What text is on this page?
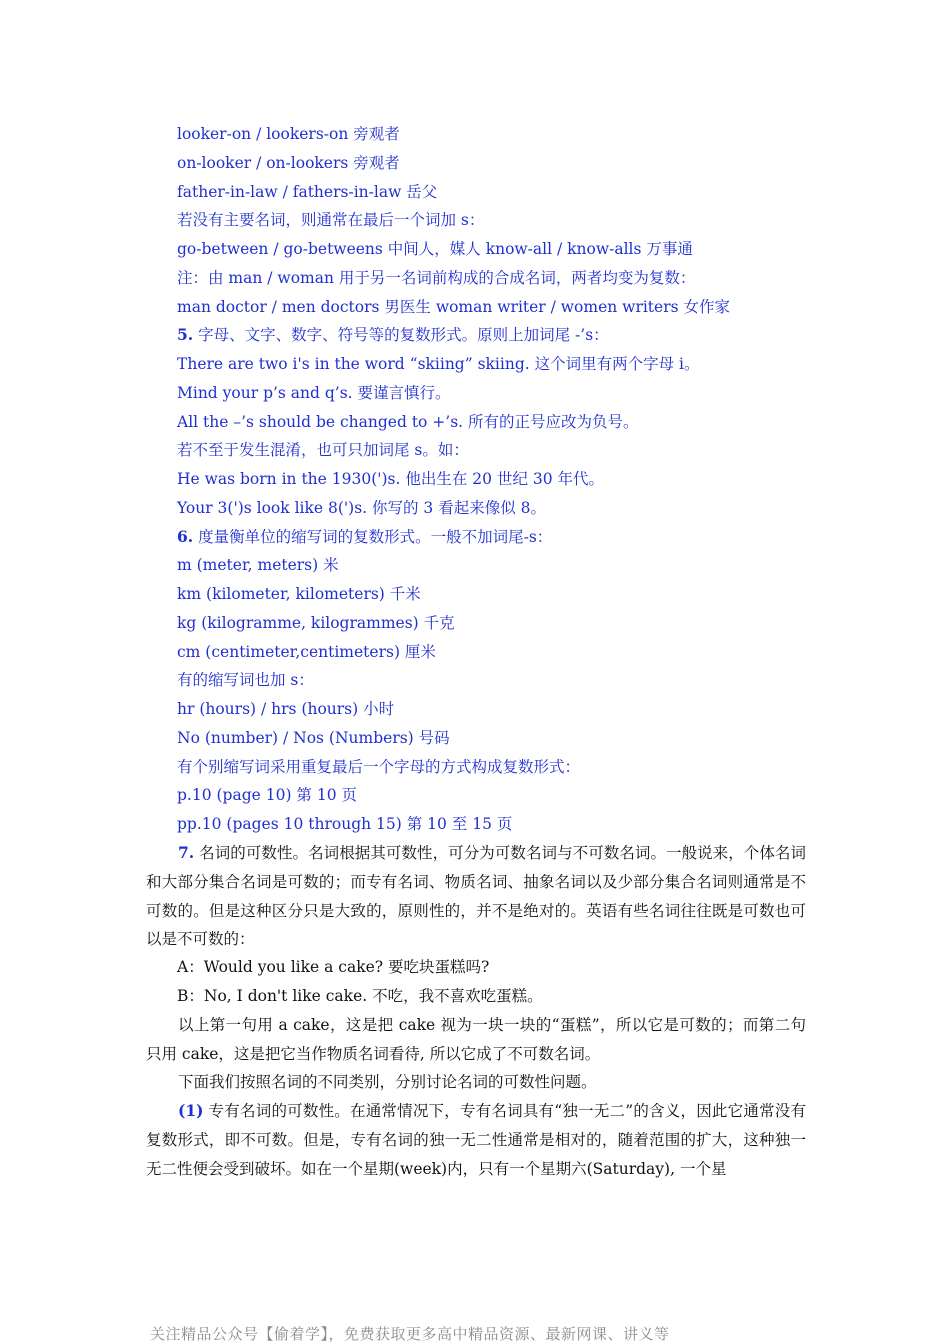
looker-on / lookers-on 旁观者
on-looker / on-lookers 旁观者
father-in-law / fathers-in-law 岳父
若没有主要名词，则通常在最后一个词加 s：
go-between / go-betweens 中间人，媒人 know-all / know-alls 万事通
注：由 man / woman 用于另一名词前构成的合成名词，两者均变为复数：
man doctor / men doctors 男医生 woman writer / women writers 女作家
5. 字母、文字、数字、符号等的复数形式。原则上加词尾 -’s：
There are two i's in the word “skiing” skiing. 这个词里有两个字母 i。
Mind your p’s and q’s. 要谨言慎行。
All the –’s should be changed to +’s. 所有的正号应改为负号。
若不至于发生混淆，也可只加词尾 s。如：
He was born in the 1930(')s. 他出生在 20 世纪 30 年代。
Your 3(')s look like 8(')s. 你写的 3 看起来像似 8。
6. 度量衡单位的缩写词的复数形式。一般不加词尾-s：
m (meter, meters) 米
km (kilometer, kilometers) 千米
kg (kilogramme, kilogrammes) 千克
cm (centimeter,centimeters) 厘米
有的缩写词也加 s：
hr (hours) / hrs (hours) 小时
No (number) / Nos (Numbers) 号码
有个别缩写词采用重复最后一个字母的方式构成复数形式：
p.10 (page 10) 第 10 页
pp.10 (pages 10 through 15) 第 10 至 15 页
7. 名词的可数性。名词根据其可数性，可分为可数名词与不可数名词。一般说来，个体名词和大部分集合名词是可数的；而专有名词、物质名词、抽象名词以及少部分集合名词则通常是不可数的。但是这种区分只是大致的，原则性的，并不是绝对的。英语有些名词往往既是可数也可以是不可数的：
A：Would you like a cake? 要吃块蛋糕吗?
B：No, I don't like cake. 不吃，我不喜欢吃蛋糕。
以上第一句用 a cake，这是把 cake 视为一块一块的“蛋糕”，所以它是可数的；而第二句只用 cake，这是把它当作物质名词看待, 所以它成了不可数名词。
下面我们按照名词的不同类别，分别讨论名词的可数性问题。
(1) 专有名词的可数性。在通常情况下，专有名词具有“独一无二”的含义，因此它通常没有复数形式，即不可数。但是，专有名词的独一无二性通常是相对的，随着范围的扩大，这种独一无二性便会受到破坏。如在一个星期(week)内，只有一个星期六(Saturday), 一个星
关注精品公众号【偷着学】，免费获取更多高中精品资源、最新网课、讲义等
